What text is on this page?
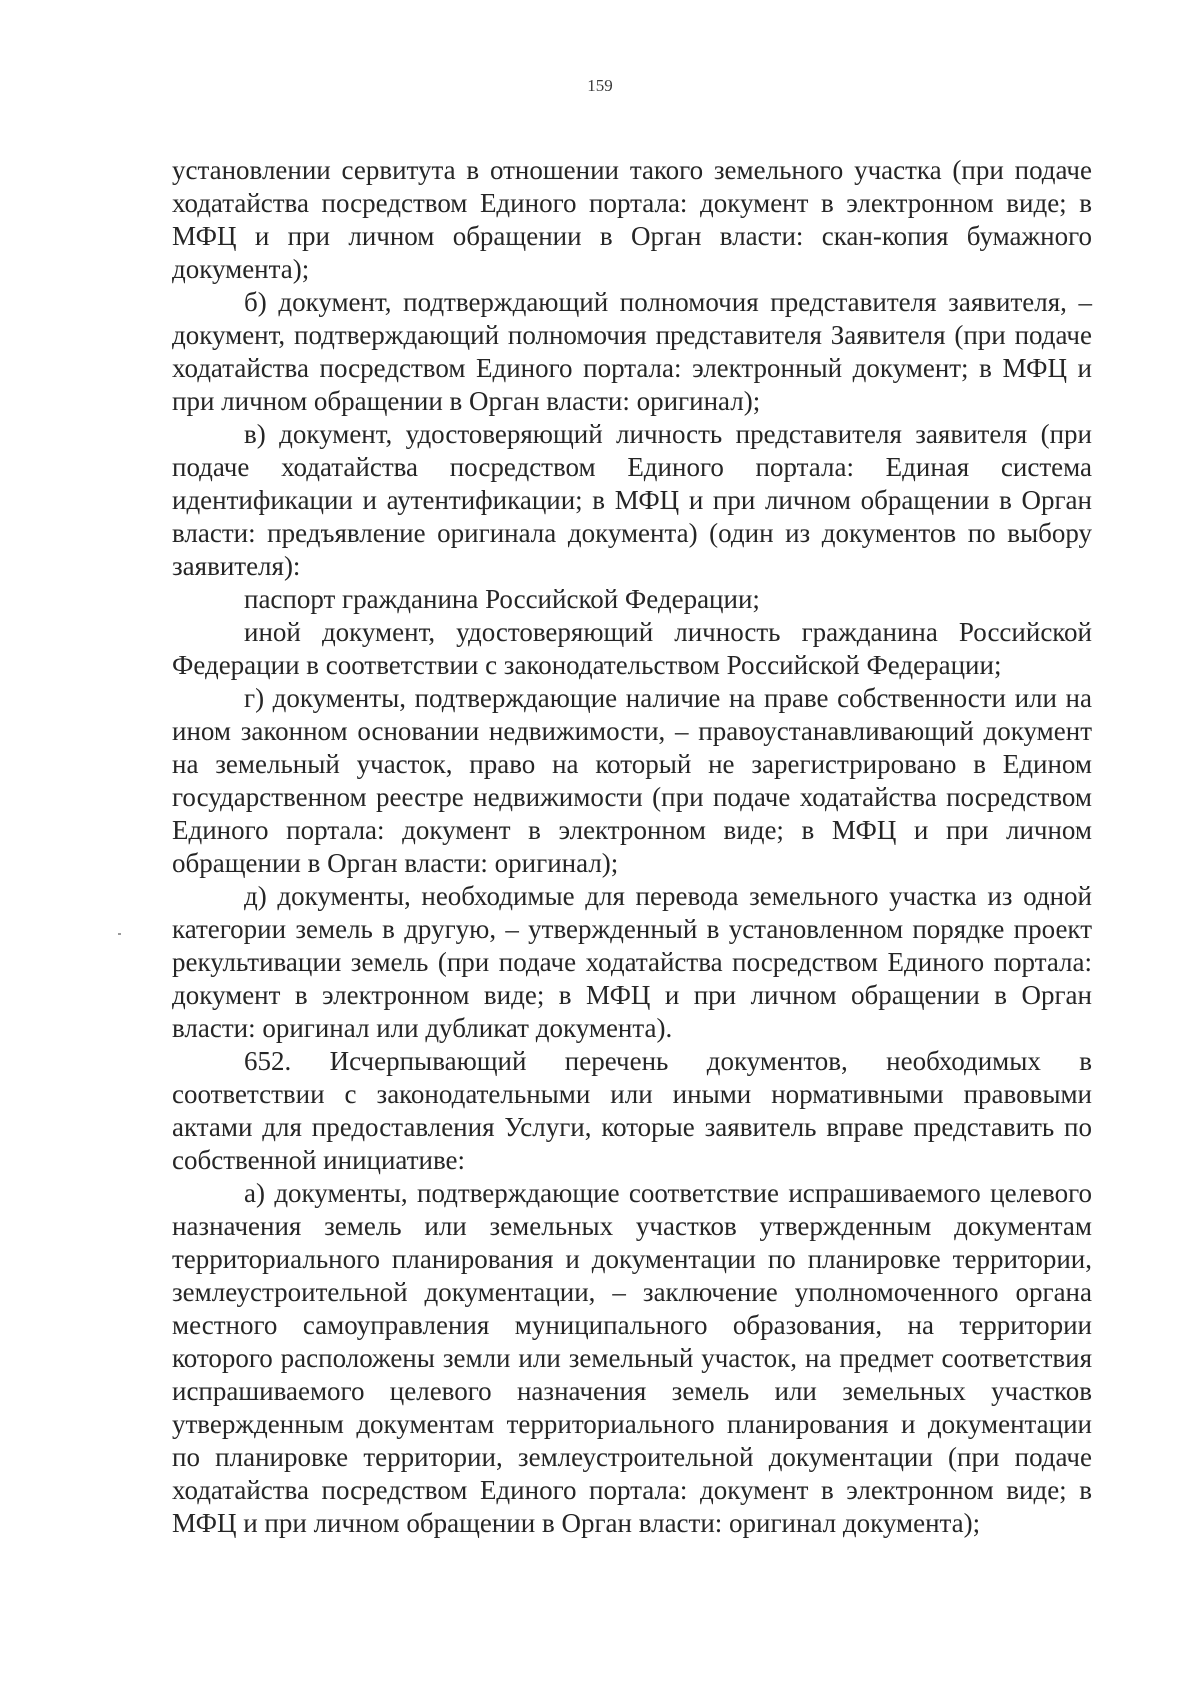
159

установлении сервитута в отношении такого земельного участка (при подаче ходатайства посредством Единого портала: документ в электронном виде; в МФЦ и при личном обращении в Орган власти: скан-копия бумажного документа);

б) документ, подтверждающий полномочия представителя заявителя, – документ, подтверждающий полномочия представителя Заявителя (при подаче ходатайства посредством Единого портала: электронный документ; в МФЦ и при личном обращении в Орган власти: оригинал);

в) документ, удостоверяющий личность представителя заявителя (при подаче ходатайства посредством Единого портала: Единая система идентификации и аутентификации; в МФЦ и при личном обращении в Орган власти: предъявление оригинала документа) (один из документов по выбору заявителя):

паспорт гражданина Российской Федерации;

иной документ, удостоверяющий личность гражданина Российской Федерации в соответствии с законодательством Российской Федерации;

г) документы, подтверждающие наличие на праве собственности или на ином законном основании недвижимости, – правоустанавливающий документ на земельный участок, право на который не зарегистрировано в Едином государственном реестре недвижимости (при подаче ходатайства посредством Единого портала: документ в электронном виде; в МФЦ и при личном обращении в Орган власти: оригинал);

д) документы, необходимые для перевода земельного участка из одной категории земель в другую, – утвержденный в установленном порядке проект рекультивации земель (при подаче ходатайства посредством Единого портала: документ в электронном виде; в МФЦ и при личном обращении в Орган власти: оригинал или дубликат документа).

652. Исчерпывающий перечень документов, необходимых в соответствии с законодательными или иными нормативными правовыми актами для предоставления Услуги, которые заявитель вправе представить по собственной инициативе:

а) документы, подтверждающие соответствие испрашиваемого целевого назначения земель или земельных участков утвержденным документам территориального планирования и документации по планировке территории, землеустроительной документации, – заключение уполномоченного органа местного самоуправления муниципального образования, на территории которого расположены земли или земельный участок, на предмет соответствия испрашиваемого целевого назначения земель или земельных участков утвержденным документам территориального планирования и документации по планировке территории, землеустроительной документации (при подаче ходатайства посредством Единого портала: документ в электронном виде; в МФЦ и при личном обращении в Орган власти: оригинал документа);
